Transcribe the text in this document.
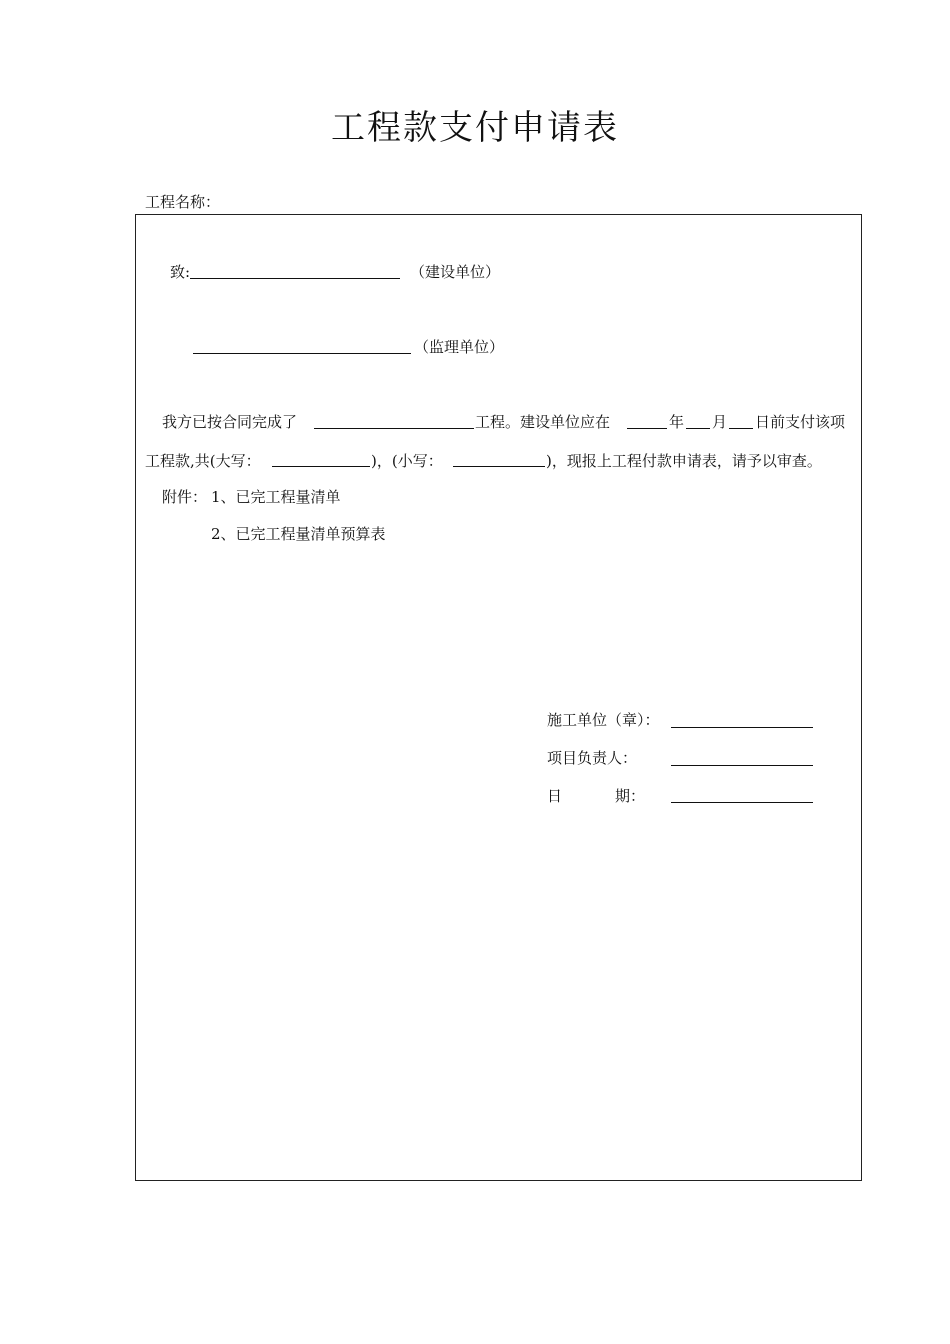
工程款支付申请表
工程名称：
致:	（建设单位）
（监理单位）
我方已按合同完成了	工程。建设单位应在	年 月 日前支付该项
工程款,共(大写：	)，(小写：	)，现报上工程付款申请表，请予以审查。
附件： 1、已完工程量清单
2、已完工程量清单预算表
施工单位（章）：
项目负责人：
日	期：
